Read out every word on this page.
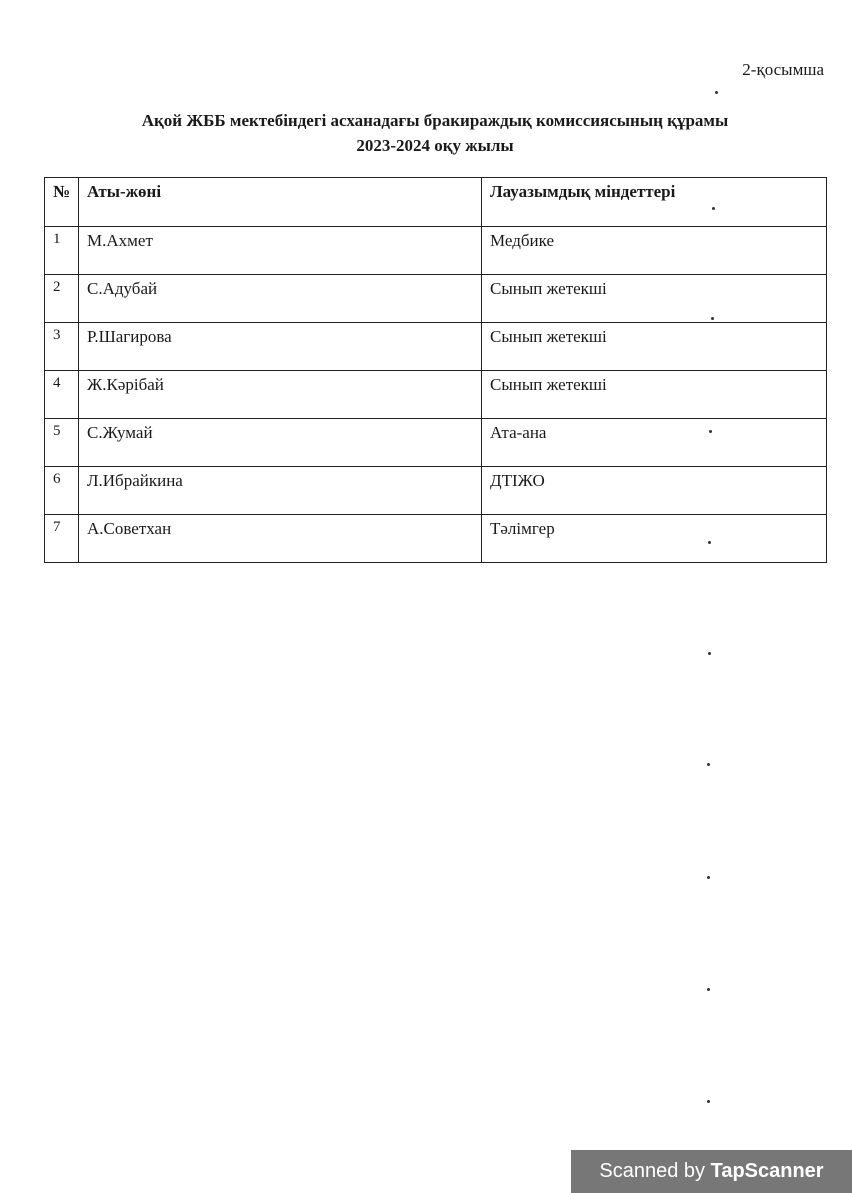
2-қосымша
Ақой ЖББ мектебіндегі асханадағы бракираждық комиссиясының құрамы
2023-2024 оқу жылы
№	Аты-жөні	Лауазымдық міндеттері
1	М.Ахмет	Медбике
2	С.Адубай	Сынып жетекші
3	Р.Шагирова	Сынып жетекші
4	Ж.Кәрібай	Сынып жетекші
5	С.Жумай	Ата-ана
6	Л.Ибрайкина	ДТІЖО
7	А.Советхан	Тәлімгер
Scanned by TapScanner
